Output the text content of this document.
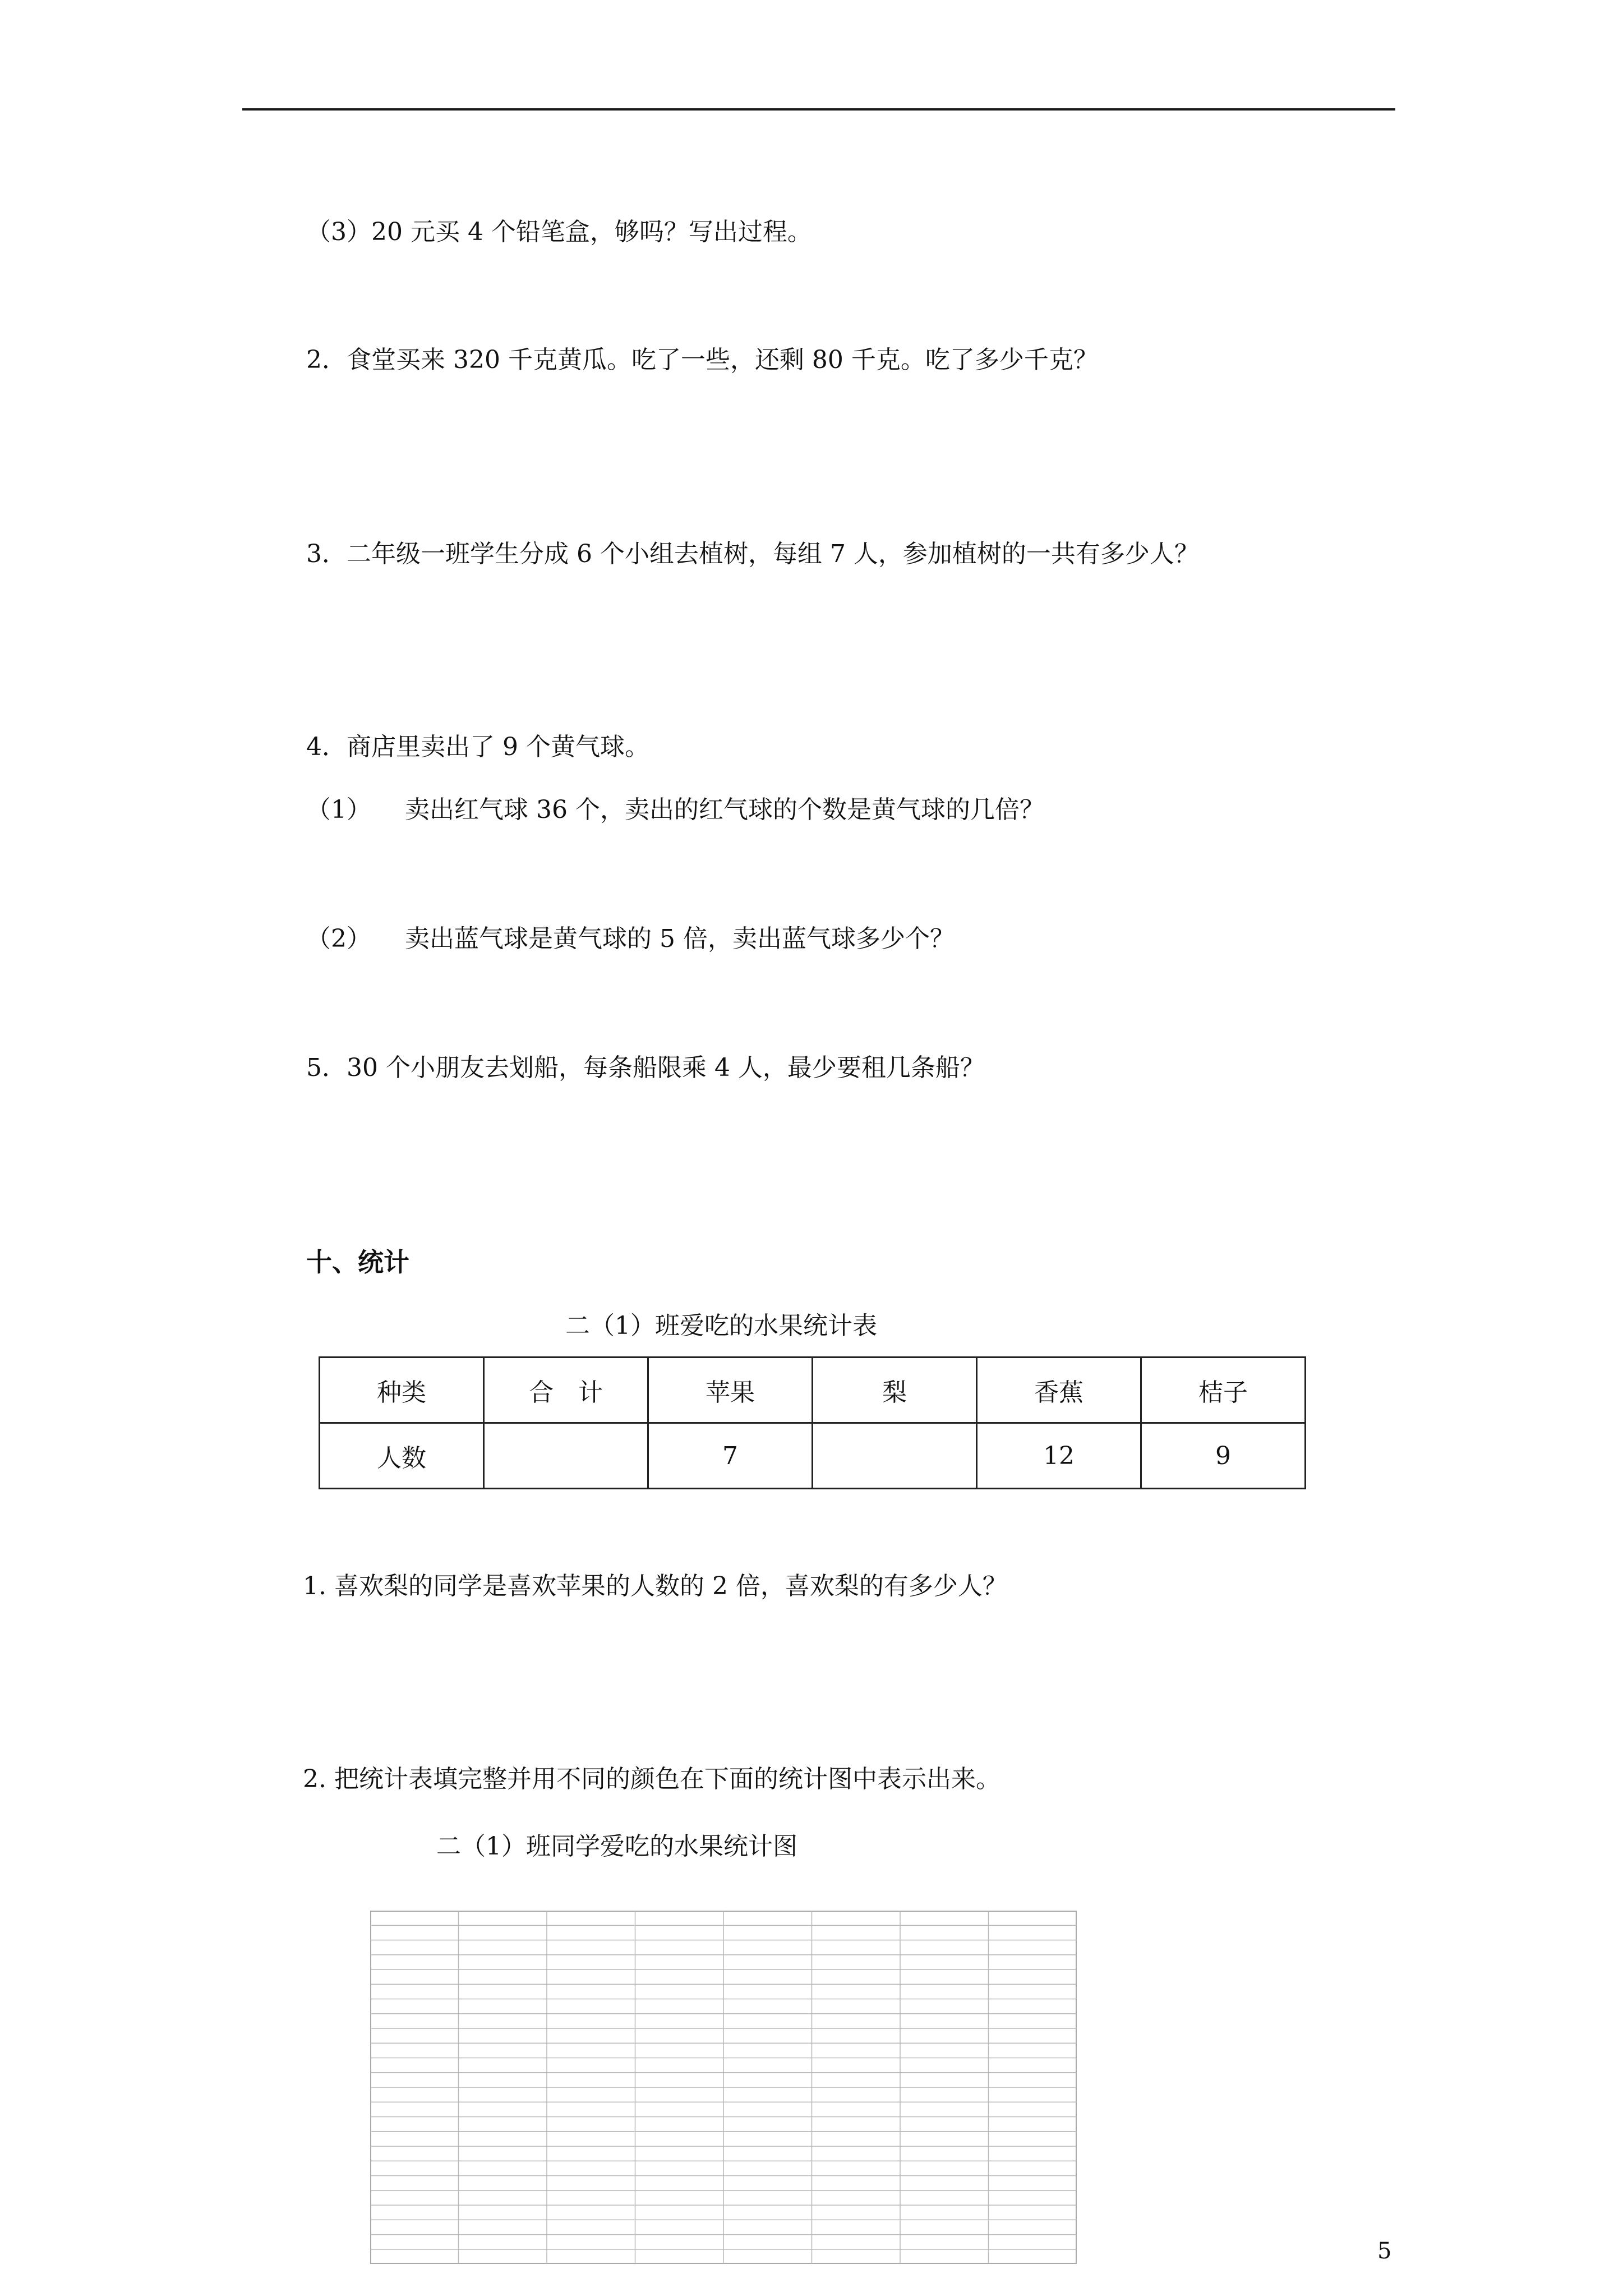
（3）20 元买 4 个铅笔盒，够吗？写出过程。
2．食堂买来 320 千克黄瓜。吃了一些，还剩 80 千克。吃了多少千克？
3．二年级一班学生分成 6 个小组去植树，每组 7 人，参加植树的一共有多少人？
4．商店里卖出了 9 个黄气球。
（1） 卖出红气球 36 个，卖出的红气球的个数是黄气球的几倍？
（2） 卖出蓝气球是黄气球的 5 倍，卖出蓝气球多少个？
5．30 个小朋友去划船，每条船限乘 4 人，最少要租几条船？
十、统计
二（1）班爱吃的水果统计表
种类	合　计	苹果	梨	香蕉	桔子
人数		7		12	9
1. 喜欢梨的同学是喜欢苹果的人数的 2 倍，喜欢梨的有多少人？
2. 把统计表填完整并用不同的颜色在下面的统计图中表示出来。
二（1）班同学爱吃的水果统计图
5
